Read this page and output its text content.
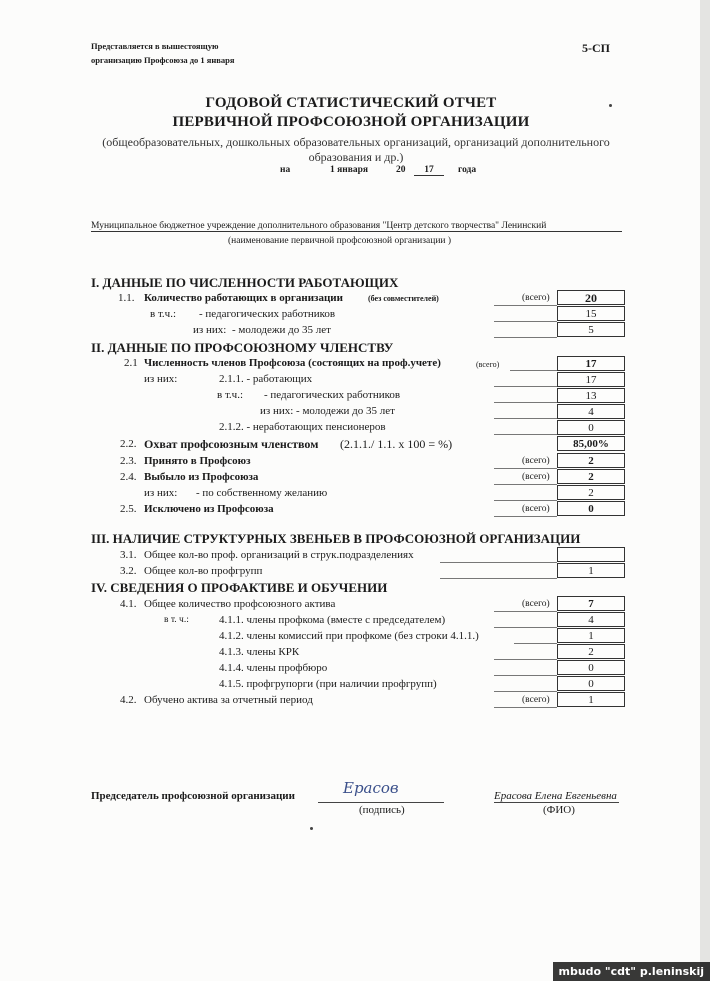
Представляется в вышестоящую
организацию Профсоюза до 1 января
5-СП
ГОДОВОЙ СТАТИСТИЧЕСКИЙ ОТЧЕТ
ПЕРВИЧНОЙ ПРОФСОЮЗНОЙ ОРГАНИЗАЦИИ
(общеобразовательных, дошкольных образовательных организаций, организаций дополнительного
образования и др.)
на	1 января	20	17	года
Муниципальное бюджетное учреждение дополнительного образования "Центр детского творчества" Ленинский
(наименование первичной профсоюзной организации )
I. ДАННЫЕ ПО ЧИСЛЕННОСТИ РАБОТАЮЩИХ
1.1. Количество работающих в организации	(без совместителей)	(всего)	20
в т.ч.: - педагогических работников	15
из них: - молодежи до 35 лет	5
II. ДАННЫЕ ПО ПРОФСОЮЗНОМУ ЧЛЕНСТВУ
2.1 Численность членов Профсоюза (состоящих на проф.учете)	(всего)	17
из них:	2.1.1. - работающих	17
в т.ч.: - педагогических работников	13
из них: - молодежи до 35 лет	4
2.1.2. - неработающих пенсионеров	0
2.2. Охват профсоюзным членством (2.1.1./ 1.1. х 100 = %)	85,00%
2.3. Принято в Профсоюз	(всего)	2
2.4. Выбыло из Профсоюза	(всего)	2
из них: - по собственному желанию	2
2.5. Исключено из Профсоюза	(всего)	0
III. НАЛИЧИЕ СТРУКТУРНЫХ ЗВЕНЬЕВ В ПРОФСОЮЗНОЙ ОРГАНИЗАЦИИ
3.1. Общее кол-во проф. организаций в струк.подразделениях
3.2. Общее кол-во профгрупп	1
IV. СВЕДЕНИЯ О ПРОФАКТИВЕ И ОБУЧЕНИИ
4.1. Общее количество профсоюзного актива	(всего)	7
в т. ч.:	4.1.1. члены профкома (вместе с председателем)	4
4.1.2. члены комиссий при профкоме (без строки 4.1.1.)	1
4.1.3. члены КРК	2
4.1.4. члены профбюро	0
4.1.5. профгрупорги (при наличии профгрупп)	0
4.2. Обучено актива за отчетный период	(всего)	1
Председатель профсоюзной организации	Ерасов
(подпись)
Ерасова Елена Евгеньевна
(ФИО)
mbudo "cdt" p.leninskij
